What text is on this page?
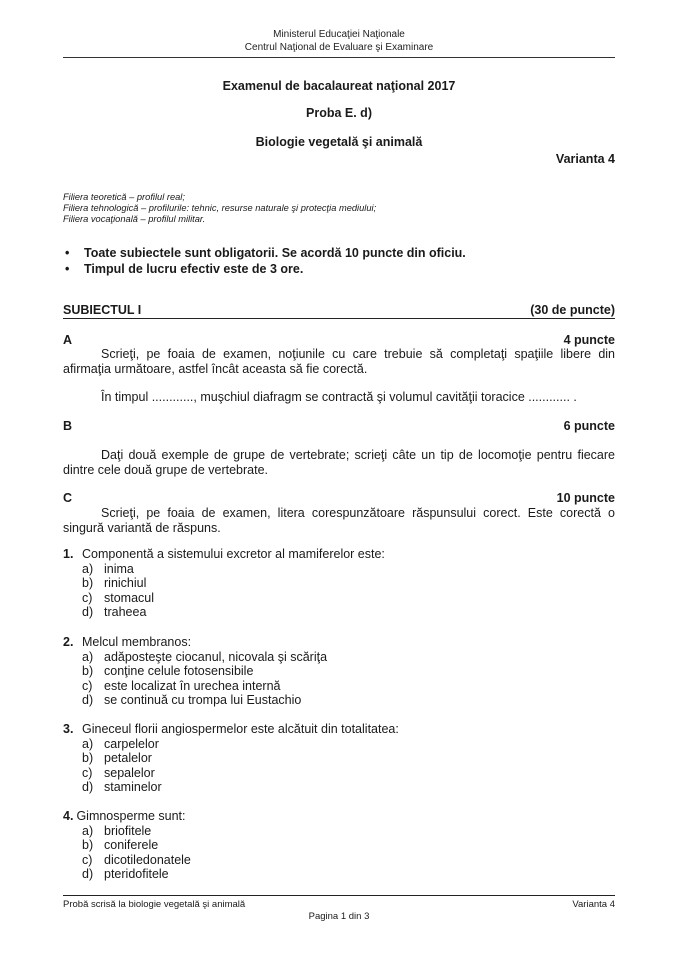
Ministerul Educaţiei Naţionale
Centrul Naţional de Evaluare şi Examinare
Examenul de bacalaureat naţional 2017
Proba E. d)
Biologie vegetală şi animală
Varianta 4
Filiera teoretică – profilul real;
Filiera tehnologică – profilurile: tehnic, resurse naturale şi protecţia mediului;
Filiera vocaţională – profilul militar.
•	Toate subiectele sunt obligatorii. Se acordă 10 puncte din oficiu.
•	Timpul de lucru efectiv este de 3 ore.
SUBIECTUL I	(30 de puncte)
A	4 puncte
Scrieţi, pe foaia de examen, noţiunile cu care trebuie să completaţi spaţiile libere din afirmaţia următoare, astfel încât aceasta să fie corectă.
În timpul ............, muşchiul diafragm se contractă şi volumul cavităţii toracice ............ .
B	6 puncte
Daţi două exemple de grupe de vertebrate; scrieţi câte un tip de locomoţie pentru fiecare dintre cele două grupe de vertebrate.
C	10 puncte
Scrieţi, pe foaia de examen, litera corespunzătoare răspunsului corect. Este corectă o singură variantă de răspuns.
1. Componentă a sistemului excretor al mamiferelor este:
a) inima
b) rinichiul
c) stomacul
d) traheea
2. Melcul membranos:
a) adăposteşte ciocanul, nicovala şi scăriţa
b) conţine celule fotosensibile
c) este localizat în urechea internă
d) se continuă cu trompa lui Eustachio
3. Gineceul florii angiospermelor este alcătuit din totalitatea:
a) carpelelor
b) petalelor
c) sepalelor
d) staminelor
4. Gimnosperme sunt:
a) briofitele
b) coniferele
c) dicotiledonatele
d) pteridofitele
Probă scrisă la biologie vegetală şi animală	Varianta 4
Pagina 1 din 3
